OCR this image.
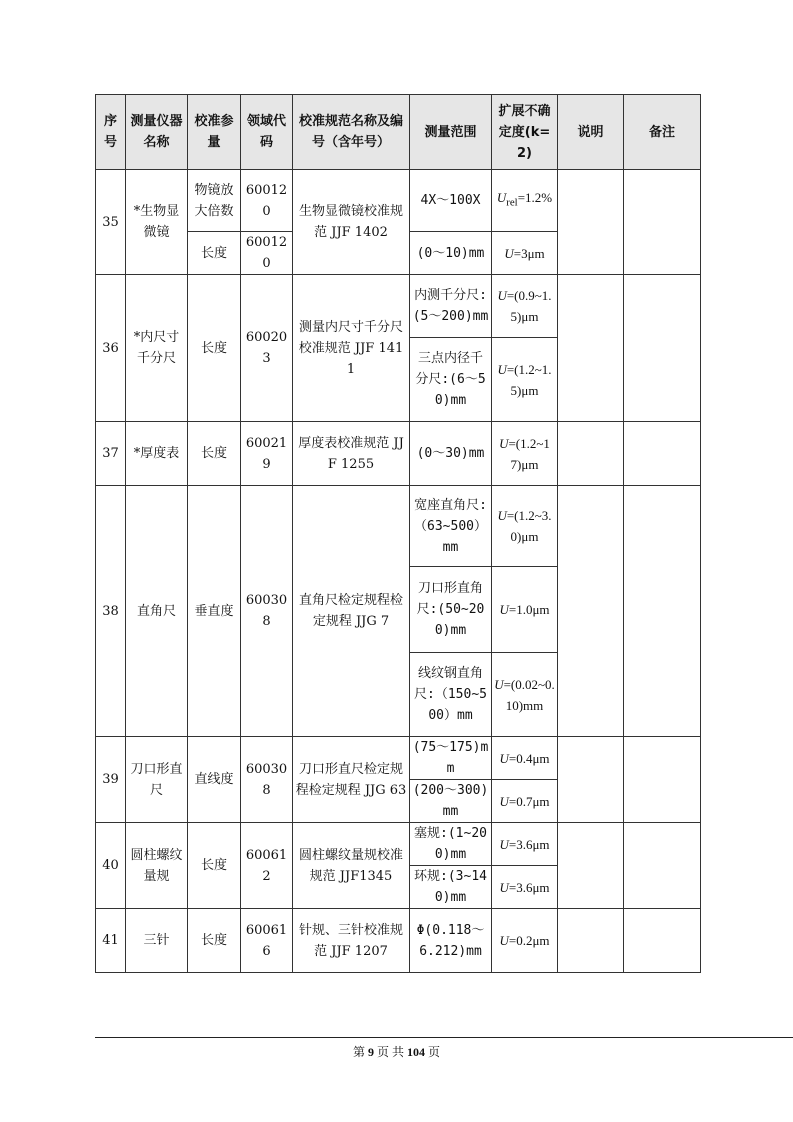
序号	测量仪器名称	校准参量	领域代码	校准规范名称及编号（含年号）	测量范围	扩展不确定度(k=2)	说明	备注
35	*生物显微镜	物镜放大倍数	600120	生物显微镜校准规范 JJF 1402	4X～100X	$U_{rel}=1.2\%$		
		长度	600120		(0～10)mm	U=3μm		
36	*内尺寸千分尺	长度	600203	测量内尺寸千分尺校准规范 JJF 1411	内测千分尺:(5～200)mm	U=(0.9~1.5)μm		
					三点内径千分尺:(6～50)mm	U=(1.2~1.5)μm		
37	*厚度表	长度	600219	厚度表校准规范 JJF 1255	(0～30)mm	U=(1.2~17)μm		
38	直角尺	垂直度	600308	直角尺检定规程检定规程 JJG 7	宽座直角尺:（63~500）mm	U=(1.2~3.0)μm		
					刀口形直角尺:(50~200)mm	U=1.0μm		
					线纹钢直角尺:（150~500）mm	U=(0.02~0.10)mm		
39	刀口形直尺	直线度	600308	刀口形直尺检定规程检定规程 JJG 63	(75～175)mm	U=0.4μm		
					(200～300)mm	U=0.7μm		
40	圆柱螺纹量规	长度	600612	圆柱螺纹量规校准规范 JJF1345	塞规:(1~200)mm	U=3.6μm		
					环规:(3~140)mm	U=3.6μm		
41	三针	长度	600616	针规、三针校准规范 JJF 1207	Φ(0.118～6.212)mm	U=0.2μm		
第 9 页 共 104 页
